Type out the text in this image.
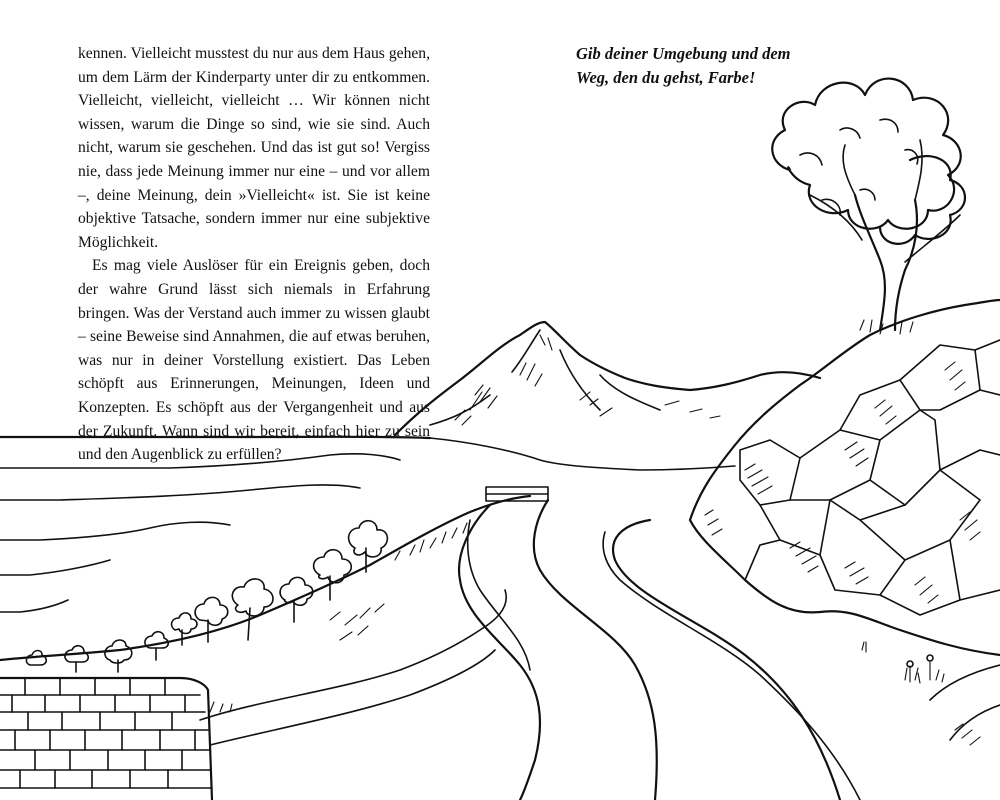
kennen. Vielleicht musstest du nur aus dem Haus gehen, um dem Lärm der Kinderparty unter dir zu entkommen. Vielleicht, vielleicht, vielleicht … Wir können nicht wissen, warum die Dinge so sind, wie sie sind. Auch nicht, warum sie geschehen. Und das ist gut so! Vergiss nie, dass jede Meinung immer nur eine – und vor allem –, deine Meinung, dein »Vielleicht« ist. Sie ist keine objektive Tatsache, sondern immer nur eine subjektive Möglichkeit.

Es mag viele Auslöser für ein Ereignis geben, doch der wahre Grund lässt sich niemals in Erfahrung bringen. Was der Verstand auch immer zu wissen glaubt – seine Beweise sind Annahmen, die auf etwas beruhen, was nur in deiner Vorstellung existiert. Das Leben schöpft aus Erinnerungen, Meinungen, Ideen und Konzepten. Es schöpft aus der Vergangenheit und aus der Zukunft. Wann sind wir bereit, einfach hier zu sein und den Augenblick zu erfüllen?

Gib deiner Umgebung und dem Weg, den du gehst, Farbe!
